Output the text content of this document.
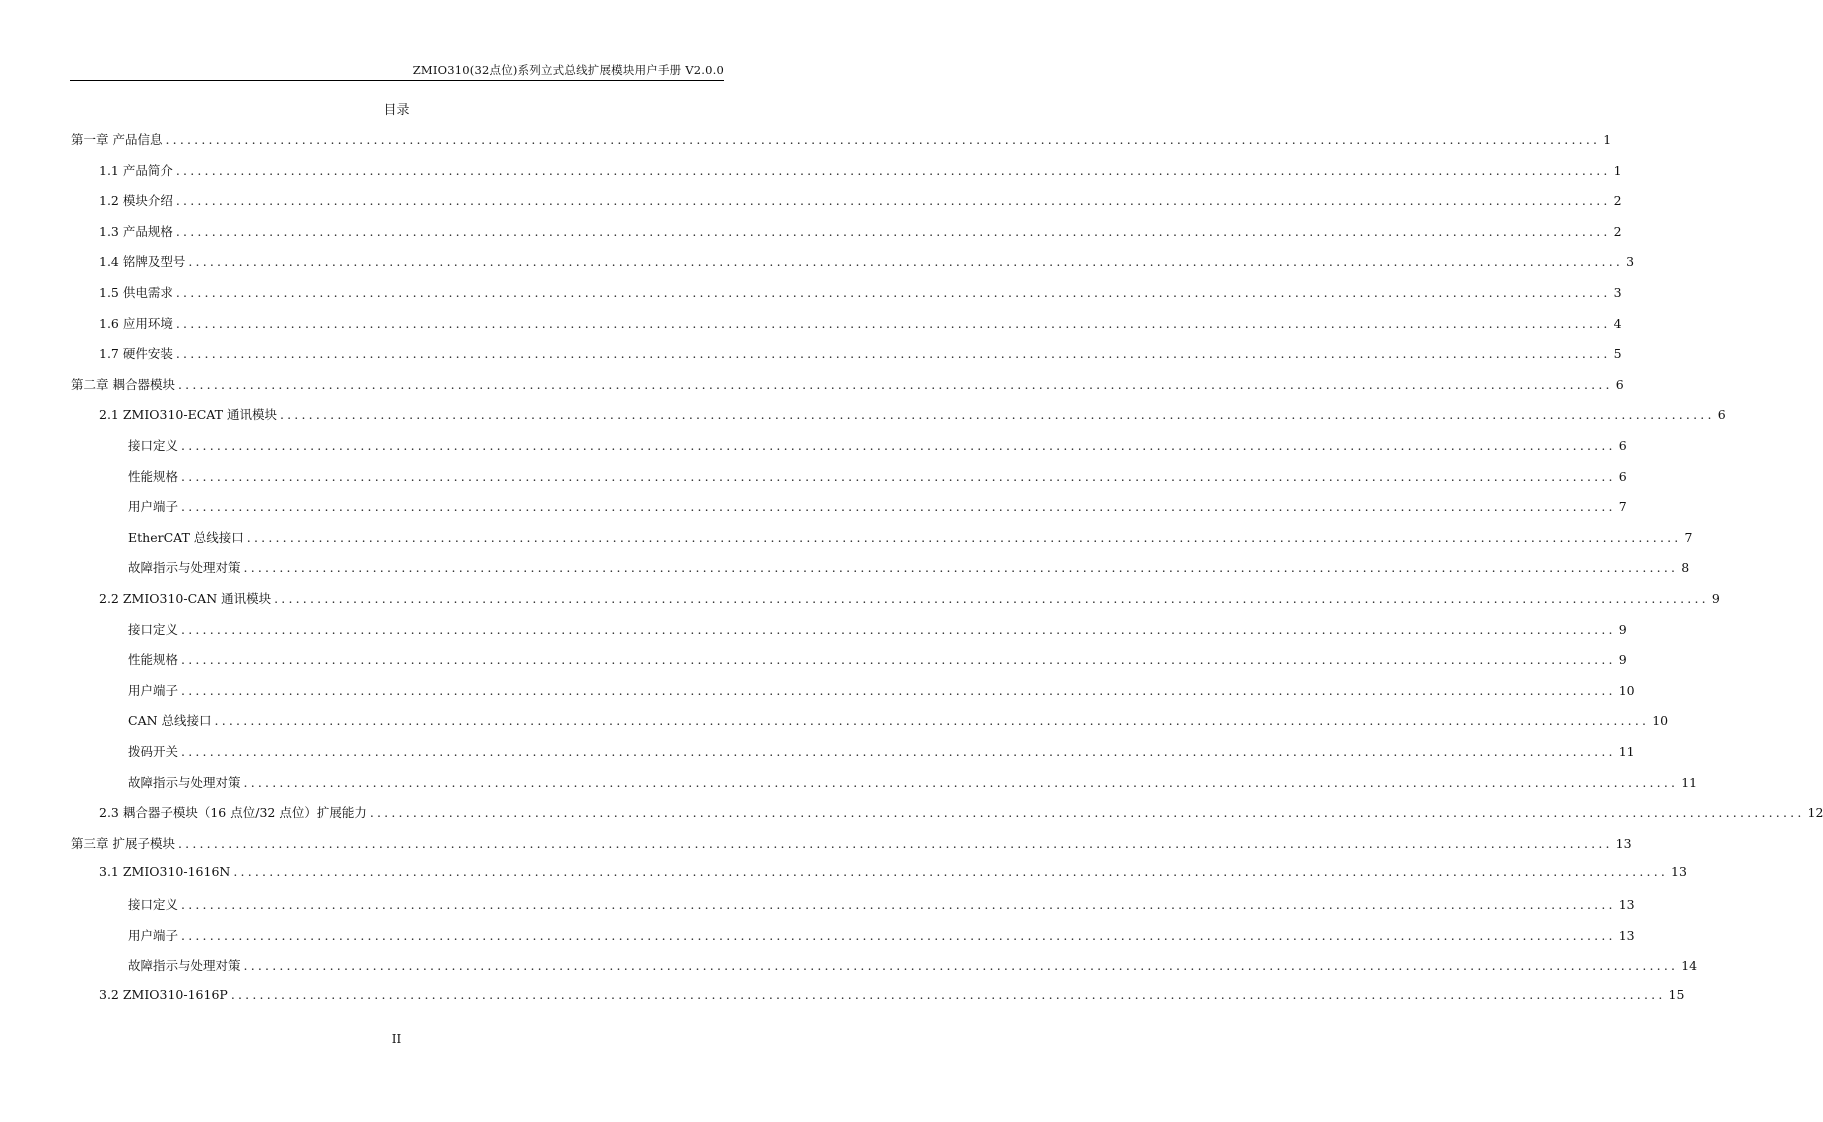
ZMIO310(32点位)系列立式总线扩展模块用户手册 V2.0.0
目录
第一章 产品信息 ........................................................................................................................................................................................................ 1
1.1 产品简介 ........................................................................................................................................................................................................ 1
1.2 模块介绍 ........................................................................................................................................................................................................ 2
1.3 产品规格 ........................................................................................................................................................................................................ 2
1.4 铭牌及型号 ........................................................................................................................................................................................................ 3
1.5 供电需求 ........................................................................................................................................................................................................ 3
1.6 应用环境 ........................................................................................................................................................................................................ 4
1.7 硬件安装 ........................................................................................................................................................................................................ 5
第二章 耦合器模块 ........................................................................................................................................................................................................ 6
2.1 ZMIO310-ECAT 通讯模块 ........................................................................................................................................................................................................ 6
接口定义 ........................................................................................................................................................................................................ 6
性能规格 ........................................................................................................................................................................................................ 6
用户端子 ........................................................................................................................................................................................................ 7
EtherCAT 总线接口 ........................................................................................................................................................................................................ 7
故障指示与处理对策 ........................................................................................................................................................................................................ 8
2.2 ZMIO310-CAN 通讯模块 ........................................................................................................................................................................................................ 9
接口定义 ........................................................................................................................................................................................................ 9
性能规格 ........................................................................................................................................................................................................ 9
用户端子 ........................................................................................................................................................................................................ 10
CAN 总线接口 ........................................................................................................................................................................................................ 10
拨码开关 ........................................................................................................................................................................................................ 11
故障指示与处理对策 ........................................................................................................................................................................................................ 11
2.3 耦合器子模块（16 点位/32 点位）扩展能力 ........................................................................................................................................................................................................ 12
第三章 扩展子模块 ........................................................................................................................................................................................................ 13
3.1 ZMIO310-1616N ........................................................................................................................................................................................................ 13
接口定义 ........................................................................................................................................................................................................ 13
用户端子 ........................................................................................................................................................................................................ 13
故障指示与处理对策 ........................................................................................................................................................................................................ 14
3.2 ZMIO310-1616P ........................................................................................................................................................................................................ 15
II
